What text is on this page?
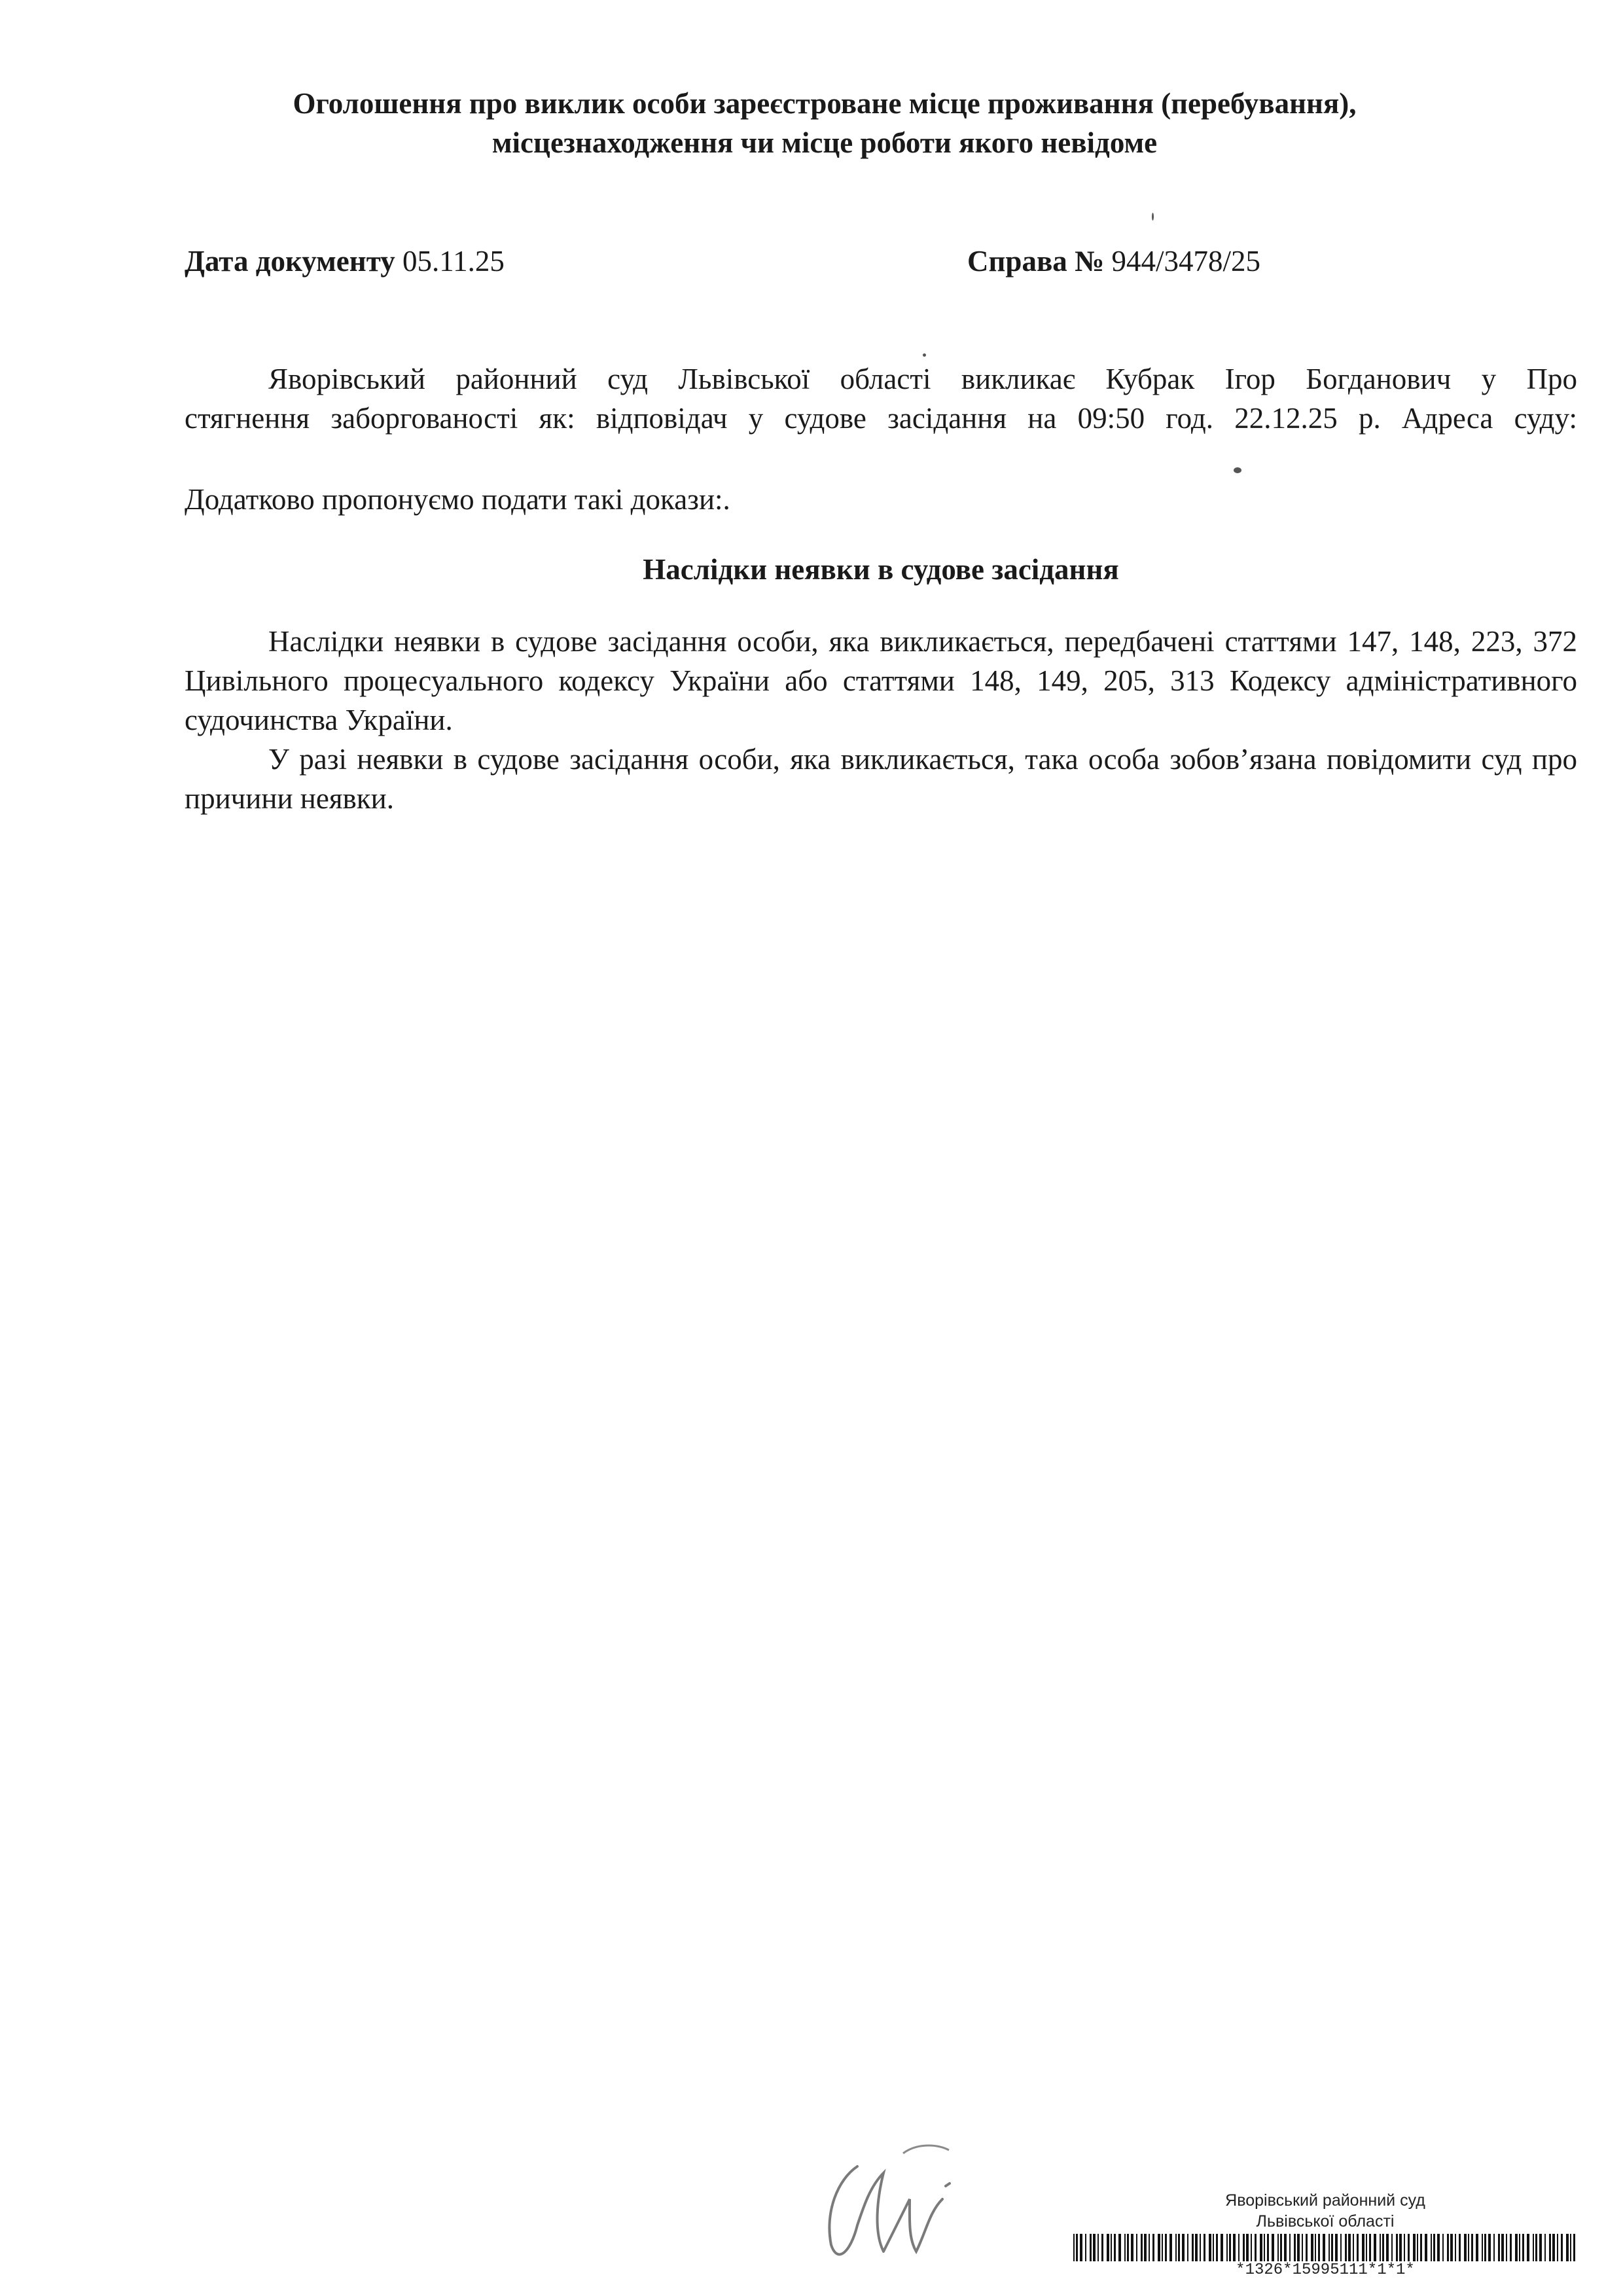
Оголошення про виклик особи зареєстроване місце проживання (перебування),
місцезнаходження чи місце роботи якого невідоме
Дата документу 05.11.25	Справа № 944/3478/25
Яворівський районний суд Львівської області викликає Кубрак Ігор Богданович у Про
стягнення заборгованості як: відповідач у судове засідання на 09:50 год. 22.12.25 р. Адреса суду:
Додатково пропонуємо подати такі докази:.
Наслідки неявки в судове засідання
Наслідки неявки в судове засідання особи, яка викликається, передбачені статтями 147, 148, 223, 372 Цивільного процесуального кодексу України або статтями 148, 149, 205, 313 Кодексу адміністративного судочинства України.
У разі неявки в судове засідання особи, яка викликається, така особа зобов’язана повідомити суд про причини неявки.
Яворівський районний суд
Львівської області
*1326*15995111*1*1*
